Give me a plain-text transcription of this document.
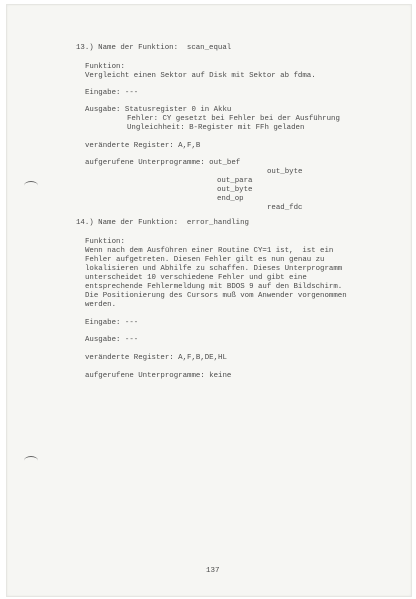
13.) Name der Funktion:  scan_equal
Funktion:
Vergleicht einen Sektor auf Disk mit Sektor ab fdma.
Eingabe: ---
Ausgabe: Statusregister 0 in Akku
Fehler: CY gesetzt bei Fehler bei der Ausführung
Ungleichheit: B-Register mit FFh geladen
veränderte Register: A,F,B
aufgerufene Unterprogramme: out_bef
out_byte
out_para
out_byte
end_op
read_fdc
14.) Name der Funktion:  error_handling
Funktion:
Wenn nach dem Ausführen einer Routine CY=1 ist,  ist ein
Fehler aufgetreten. Diesen Fehler gilt es nun genau zu
lokalisieren und Abhilfe zu schaffen. Dieses Unterprogramm
unterscheidet 10 verschiedene Fehler und gibt eine
entsprechende Fehlermeldung mit BDOS 9 auf den Bildschirm.
Die Positionierung des Cursors muß vom Anwender vorgenommen
werden.
Eingabe: ---
Ausgabe: ---
veränderte Register: A,F,B,DE,HL
aufgerufene Unterprogramme: keine
137
